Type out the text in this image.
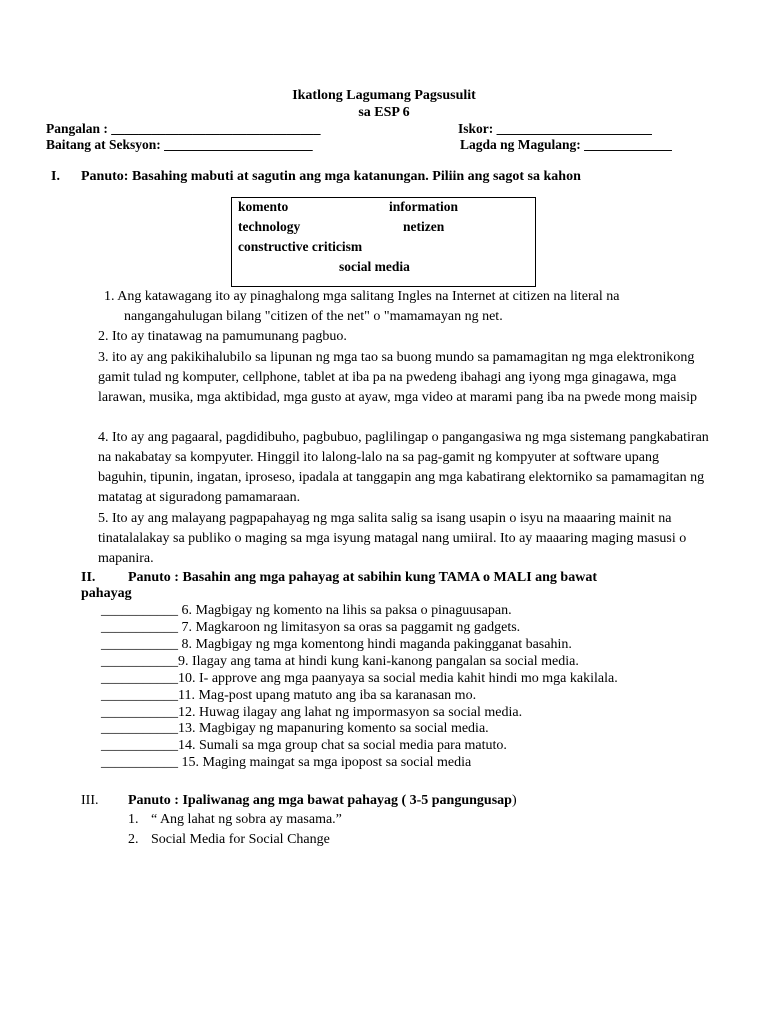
Ikatlong Lagumang Pagsusulit
sa ESP 6
Pangalan : _______________________________	Iskor: _______________________
Baitang at Seksyon: ______________________	Lagda ng Magulang: _____________
I. Panuto: Basahing mabuti at sagutin ang mga katanungan. Piliin ang sagot sa kahon
komento	information
technology	netizen
constructive criticism
social media
1. Ang katawagang ito ay pinaghalong mga salitang Ingles na Internet at citizen na literal na
nangangahulugan bilang "citizen of the net" o "mamamayan ng net.
2. Ito ay tinatawag na pamumunang pagbuo.
3. ito ay ang pakikihalubilo sa lipunan ng mga tao sa buong mundo sa pamamagitan ng mga elektronikong gamit tulad ng komputer, cellphone, tablet at iba pa na pwedeng ibahagi ang iyong mga ginagawa, mga larawan, musika, mga aktibidad, mga gusto at ayaw, mga video at marami pang iba na pwede mong maisip
4. Ito ay ang pagaaral, pagdidibuho, pagbubuo, paglilingap o pangangasiwa ng mga sistemang pangkabatiran na nakabatay sa kompyuter. Hinggil ito lalong-lalo na sa pag-gamit ng kompyuter at software upang baguhin, tipunin, ingatan, iproseso, ipadala at tanggapin ang mga kabatirang elektorniko sa pamamagitan ng matatag at siguradong pamamaraan.
5. Ito ay ang malayang pagpapahayag ng mga salita salig sa isang usapin o isyu na maaaring mainit na tinatalalakay sa publiko o maging sa mga isyung matagal nang umiiral. Ito ay maaaring maging masusi o mapanira.
II. Panuto : Basahin ang mga pahayag at sabihin kung TAMA o MALI ang bawat
pahayag
___________ 6. Magbigay ng komento na lihis sa paksa o pinaguusapan.
___________ 7. Magkaroon ng limitasyon sa oras sa paggamit ng gadgets.
___________ 8. Magbigay ng mga komentong hindi maganda pakingganat basahin.
___________9. Ilagay ang tama at hindi kung kani-kanong pangalan sa social media.
___________10. I- approve ang mga paanyaya sa social media kahit hindi mo mga kakilala.
___________11. Mag-post upang matuto ang iba sa karanasan mo.
___________12. Huwag ilagay ang lahat ng impormasyon sa social media.
___________13. Magbigay ng mapanuring komento sa social media.
___________14. Sumali sa mga group chat sa social media para matuto.
___________ 15. Maging maingat sa mga ipopost sa social media
III. Panuto : Ipaliwanag ang mga bawat pahayag ( 3-5 pangungusap)
1. “ Ang lahat ng sobra ay masama.”
2. Social Media for Social Change
